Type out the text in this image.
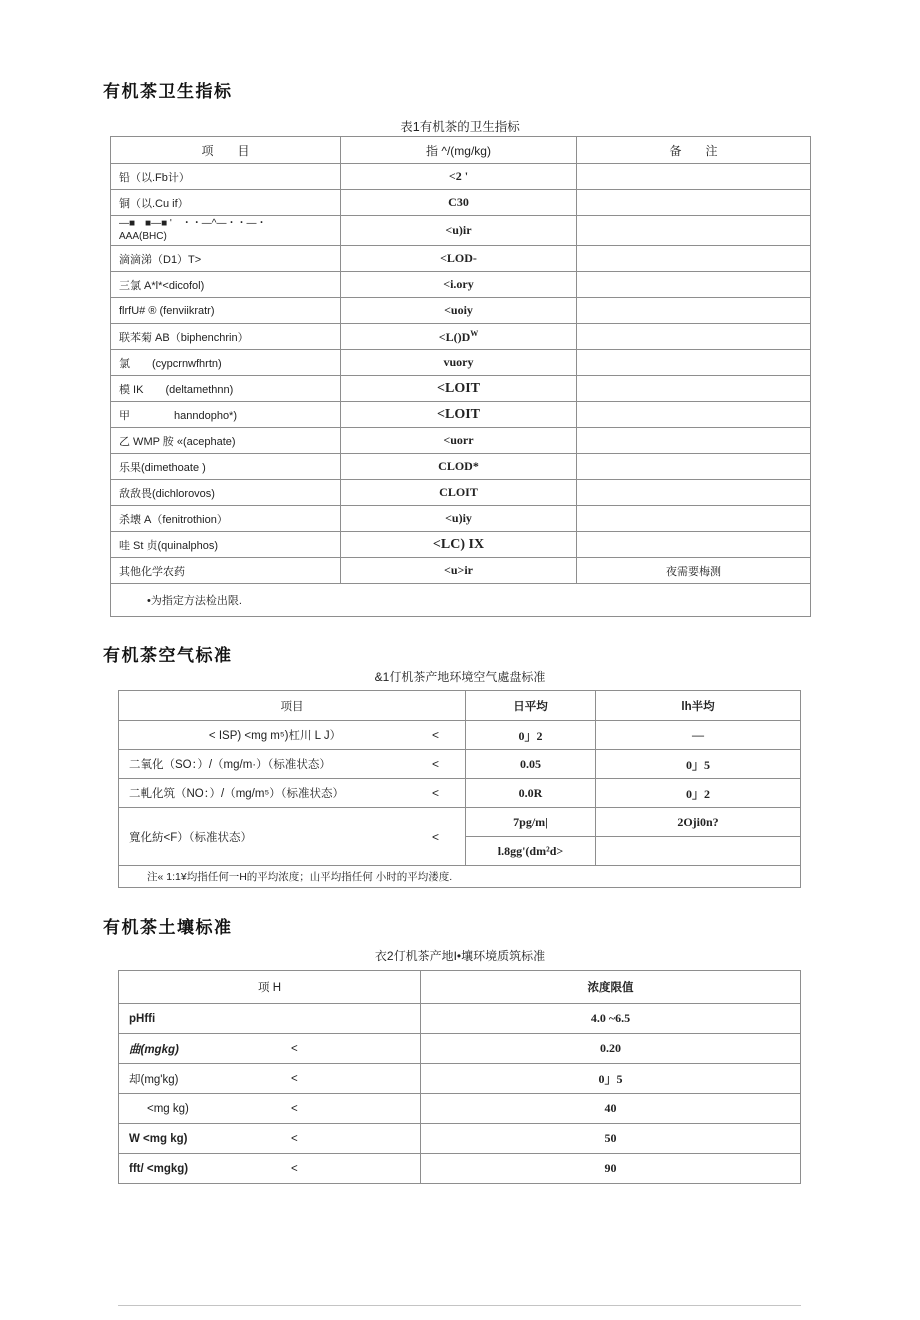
有机茶卫生指标
表1有机茶的卫生指标
项　　目	指 ^/(mg/kg)	备　　注
铅（以.Fb计）	<2 '	
铜（以.Cu if）	C30	
—■　■—■ '　・・—^—・・—・
AAA(BHC)	<u)ir	
滴滴涕（D1）T>	<LOD-	
三氯 A*l*<dicofol)	<i.ory	
flrfU# ® (fenviikratr)	<uoiy	
联苯菊 AB（biphenchrin）	$<L()D^W$	
氯　　(cypcrnwfhrtn)	vuory	
模 IK　　(deltamethnn)	<LOIT	
甲　　　　hanndopho*)	<LOIT	
乙 WMP 胺 «(acephate)	<uorr	
乐果(dimethoate )	CLOD*	
敌敌畏(dichlorovos)	CLOIT	
杀壊 A（fenitrothion）	<u)iy	
哇 St 贞(quinalphos)	<LC) IX	
其他化学农药	<u>ir	夜需要梅测
•为指定方法检出限.		
有机茶空气标准
&1仃机茶产地环境空气處盘标准
项目	日平均	lh半均
< ISP) <mg m⁵)杠川 L J） <	0」2	—
二氧化（SO：）/（mg/m·）（标准状态） <	0.05	0」5
二軋化筑（NO：）/（mg/m⁵）（标准状态） <	0.0R	0」2
寬化紡<F）（标准状态） <	7pg/m|	2Oji0n?
	l.8gg'(dm²d>	
注« 1:1¥均指任何一H的平均浓度；山平均指任何 小时的平均溇度.		
有机茶土壤标准
衣2仃机茶产地I•壤环境质筑标准
项 H	浓度限值
pHffi	4.0 ~6.5
曲(mgkg) <	0.20
却(mg'kg) <	0」5
<mg kg) <	40
W <mg kg) <	50
fft/ <mgkg) <	90
